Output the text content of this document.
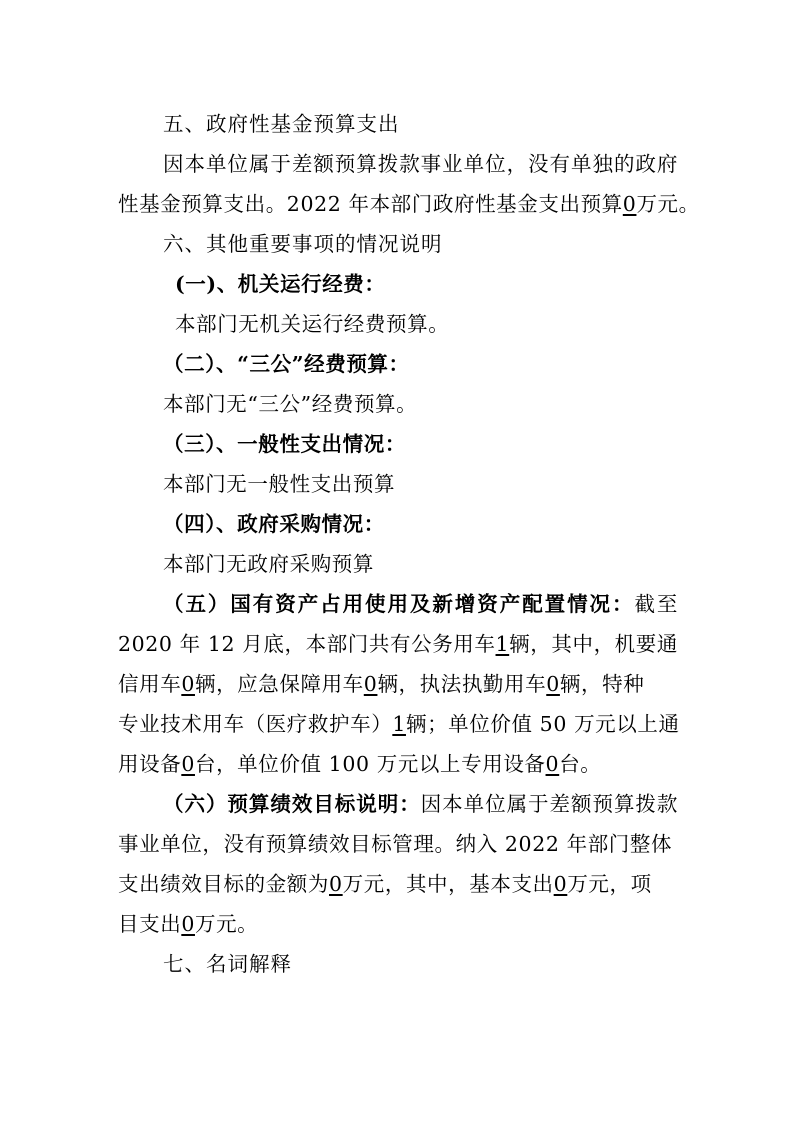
五、政府性基金预算支出
因本单位属于差额预算拨款事业单位，没有单独的政府
性基金预算支出。2022 年本部门政府性基金支出预算0万元。
六、其他重要事项的情况说明
(一)、机关运行经费：
本部门无机关运行经费预算。
（二）、“三公”经费预算：
本部门无“三公”经费预算。
（三）、一般性支出情况：
本部门无一般性支出预算
（四）、政府采购情况：
本部门无政府采购预算
（五）国有资产占用使用及新增资产配置情况：截至
2020 年 12 月底，本部门共有公务用车1辆，其中，机要通
信用车0辆，应急保障用车0辆，执法执勤用车0辆，特种
专业技术用车（医疗救护车）1辆；单位价值 50 万元以上通
用设备0台，单位价值 100 万元以上专用设备0台。
（六）预算绩效目标说明：因本单位属于差额预算拨款
事业单位，没有预算绩效目标管理。纳入 2022 年部门整体
支出绩效目标的金额为0万元，其中，基本支出0万元，项
目支出0万元。
七、名词解释
